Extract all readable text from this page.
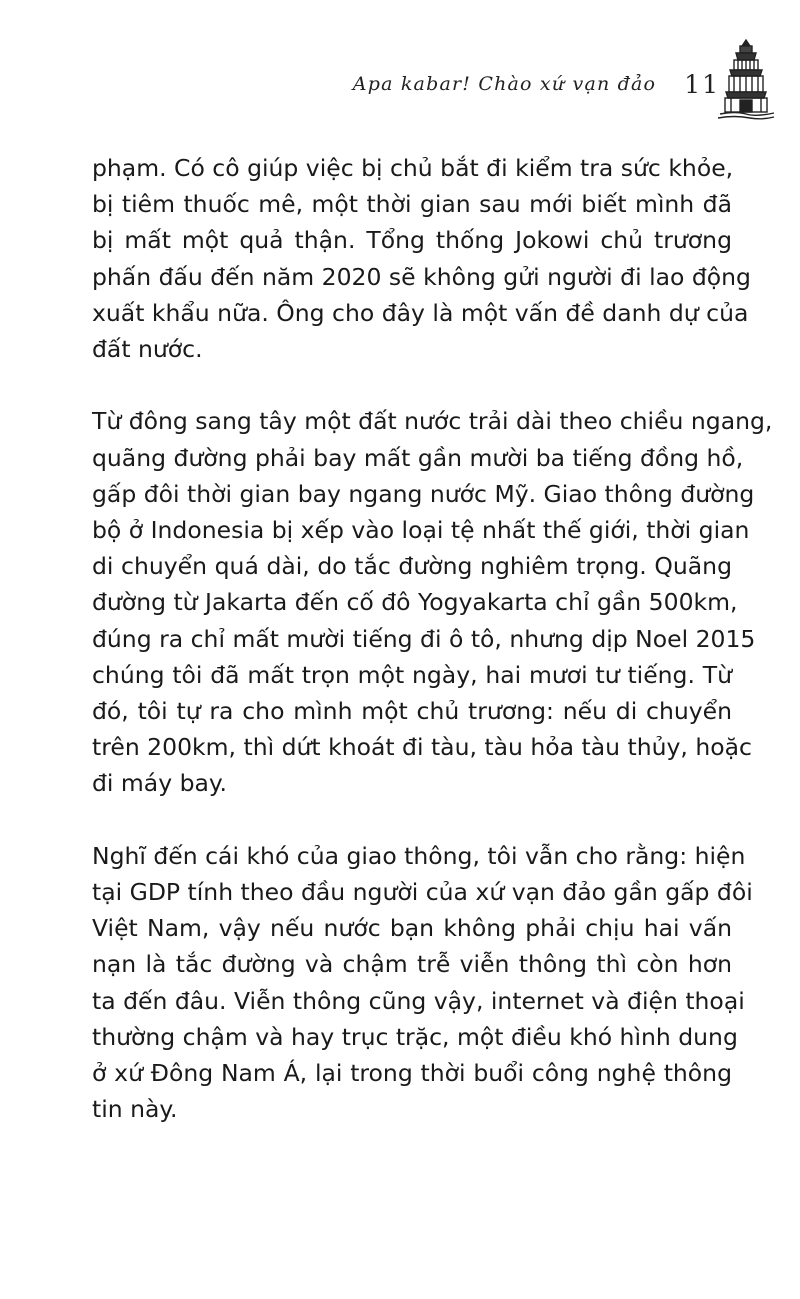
Apa kabar! Chào xứ vạn đảo 11

phạm. Có cô giúp việc bị chủ bắt đi kiểm tra sức khỏe,
bị tiêm thuốc mê, một thời gian sau mới biết mình đã
bị mất một quả thận. Tổng thống Jokowi chủ trương
phấn đấu đến năm 2020 sẽ không gửi người đi lao động
xuất khẩu nữa. Ông cho đây là một vấn đề danh dự của
đất nước.

Từ đông sang tây một đất nước trải dài theo chiều ngang,
quãng đường phải bay mất gần mười ba tiếng đồng hồ,
gấp đôi thời gian bay ngang nước Mỹ. Giao thông đường
bộ ở Indonesia bị xếp vào loại tệ nhất thế giới, thời gian
di chuyển quá dài, do tắc đường nghiêm trọng. Quãng
đường từ Jakarta đến cố đô Yogyakarta chỉ gần 500km,
đúng ra chỉ mất mười tiếng đi ô tô, nhưng dịp Noel 2015
chúng tôi đã mất trọn một ngày, hai mươi tư tiếng. Từ
đó, tôi tự ra cho mình một chủ trương: nếu di chuyển
trên 200km, thì dứt khoát đi tàu, tàu hỏa tàu thủy, hoặc
đi máy bay.

Nghĩ đến cái khó của giao thông, tôi vẫn cho rằng: hiện
tại GDP tính theo đầu người của xứ vạn đảo gần gấp đôi
Việt Nam, vậy nếu nước bạn không phải chịu hai vấn
nạn là tắc đường và chậm trễ viễn thông thì còn hơn
ta đến đâu. Viễn thông cũng vậy, internet và điện thoại
thường chậm và hay trục trặc, một điều khó hình dung
ở xứ Đông Nam Á, lại trong thời buổi công nghệ thông
tin này.
